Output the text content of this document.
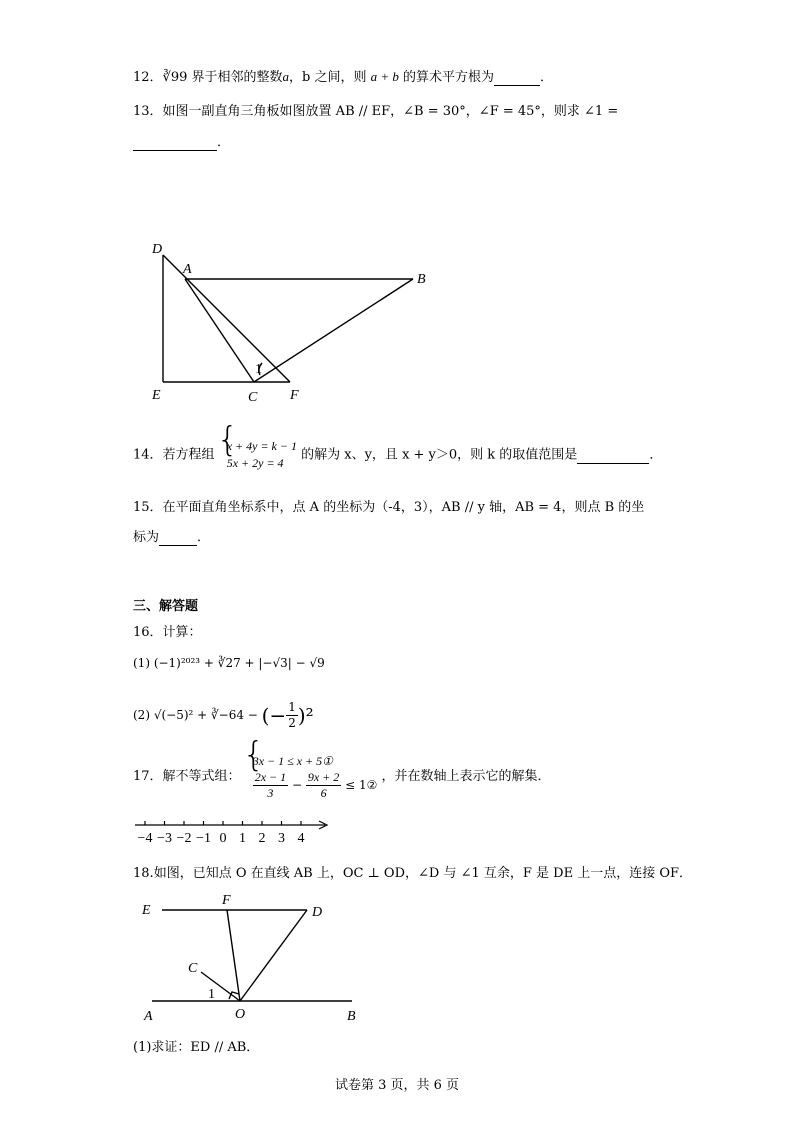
12．∛99 界于相邻的整数a，b 之间，则 a + b 的算术平方根为	．
13．如图一副直角三角板如图放置 AB // EF，∠B = 30°，∠F = 45°，则求 ∠1 =
．
D
A
B
E	C F
1
14．若方程组
{ x + 4y = k − 1
5x + 2y = 4
的解为 x、y，且 x + y＞0，则 k 的取值范围是	．
15．在平面直角坐标系中，点 A 的坐标为（-4，3），AB // y 轴，AB = 4，则点 B 的坐
标为	．
三、解答题
16．计算：
(1) (−1)²⁰²³ + ∛27 + |−√3| − √9
(2) √(−5)² + ∛−64 − (− $\frac{1}{2} )^2$
17．解不等式组：
{ 3x − 1 ≤ x + 5①
$\frac{2x - 1}{3} - \frac{9x + 2}{6}$ ≤ 1②
，并在数轴上表示它的解集．
−4 −3 −2 −1 0 1 2 3 4
18.如图，已知点 O 在直线 AB 上，OC ⊥ OD，∠D 与 ∠1 互余，F 是 DE 上一点，连接 OF．
E
F
D
C
1
A	O	B
(1)求证：ED // AB．
试卷第 3 页，共 6 页
